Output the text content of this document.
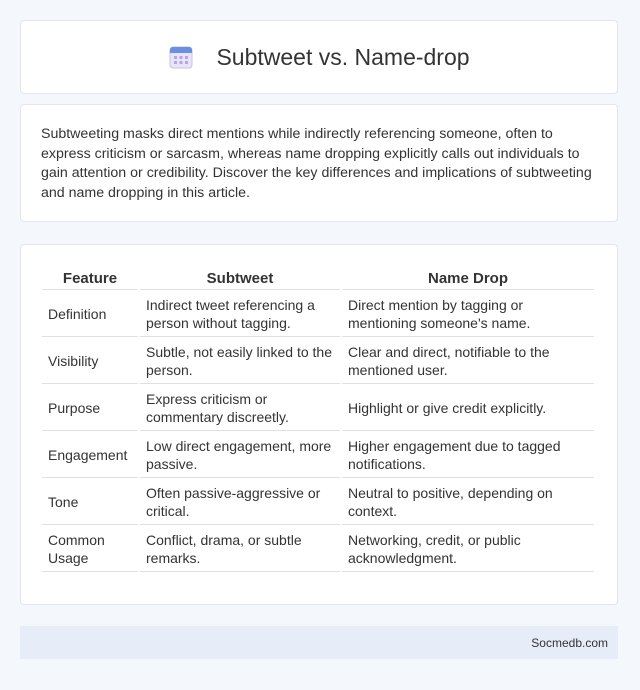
Subtweet vs. Name-drop

Subtweeting masks direct mentions while indirectly referencing someone, often to express criticism or sarcasm, whereas name dropping explicitly calls out individuals to gain attention or credibility. Discover the key differences and implications of subtweeting and name dropping in this article.

Feature	Subtweet	Name Drop
Definition	Indirect tweet referencing a person without tagging.	Direct mention by tagging or mentioning someone's name.
Visibility	Subtle, not easily linked to the person.	Clear and direct, notifiable to the mentioned user.
Purpose	Express criticism or commentary discreetly.	Highlight or give credit explicitly.
Engagement	Low direct engagement, more passive.	Higher engagement due to tagged notifications.
Tone	Often passive-aggressive or critical.	Neutral to positive, depending on context.
Common Usage	Conflict, drama, or subtle remarks.	Networking, credit, or public acknowledgment.
Socmedb.com
